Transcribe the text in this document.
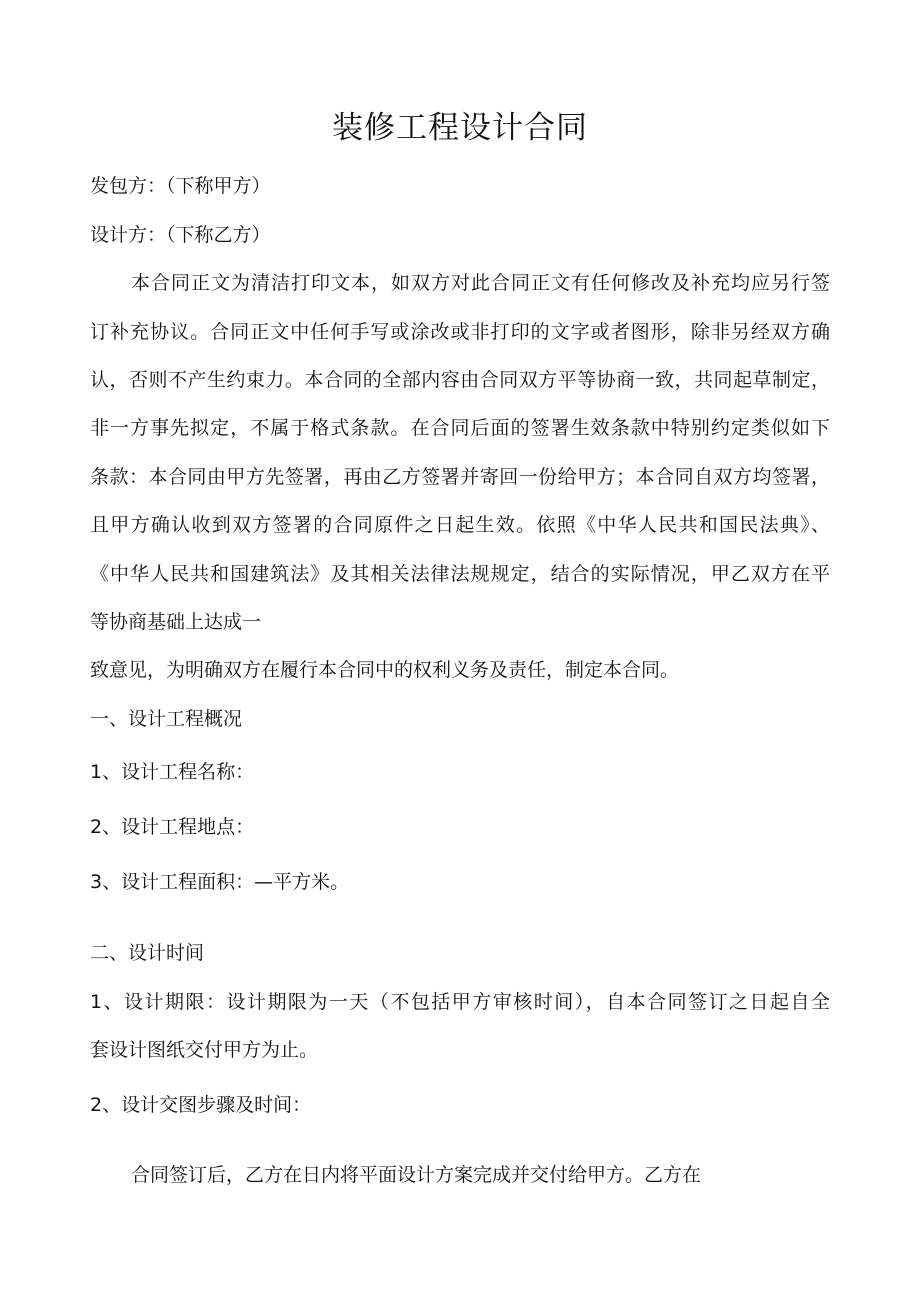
装修工程设计合同

发包方：（下称甲方）

设计方：（下称乙方）

本合同正文为清洁打印文本，如双方对此合同正文有任何修改及补充均应另行签

订补充协议。合同正文中任何手写或涂改或非打印的文字或者图形，除非另经双方确

认，否则不产生约束力。本合同的全部内容由合同双方平等协商一致，共同起草制定，

非一方事先拟定，不属于格式条款。在合同后面的签署生效条款中特别约定类似如下

条款：本合同由甲方先签署，再由乙方签署并寄回一份给甲方；本合同自双方均签署，

且甲方确认收到双方签署的合同原件之日起生效。依照《中华人民共和国民法典》、

《中华人民共和国建筑法》及其相关法律法规规定，结合的实际情况，甲乙双方在平

等协商基础上达成一

致意见，为明确双方在履行本合同中的权利义务及责任，制定本合同。

一、设计工程概况

1、设计工程名称：

2、设计工程地点：

3、设计工程面积：—平方米。

二、设计时间

1、设计期限：设计期限为一天（不包括甲方审核时间），自本合同签订之日起自全

套设计图纸交付甲方为止。

2、设计交图步骤及时间：

合同签订后，乙方在日内将平面设计方案完成并交付给甲方。乙方在
